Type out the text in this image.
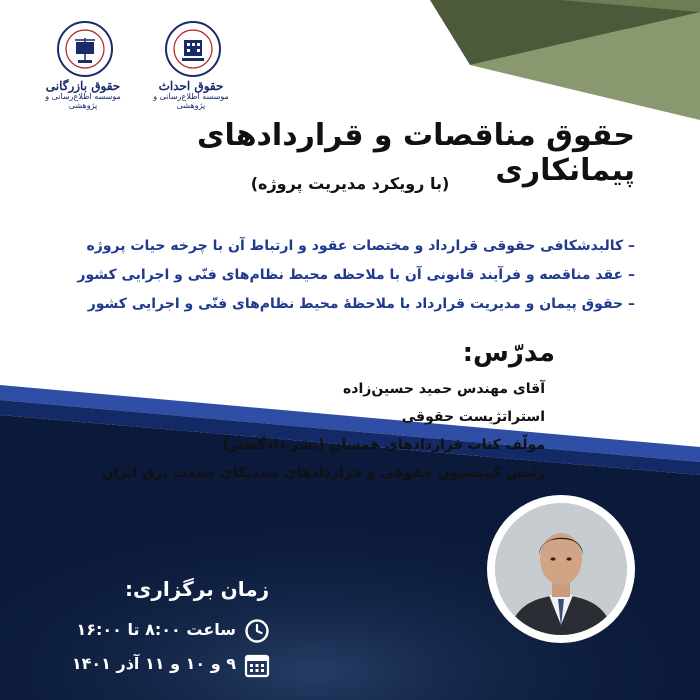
حقوق بازرگانی
موسسه اطلاع‌رسانی و پژوهشی
حقوق احداث
موسسه اطلاع‌رسانی و پژوهشی
حقوق مناقصات و قراردادهای پیمانکاری
(با رویکرد مدیریت پروژه)
– کالبدشکافی حقوقی قرارداد و مختصات عقود و ارتباط آن با چرخه حیات پروژه
– عقد مناقصه و فرآیند قانونی آن با ملاحظه محیط نظام‌های فنّی و اجرایی کشور
– حقوق پیمان و مدیریت قرارداد با ملاحظهٔ محیط نظام‌های فنّی و اجرایی کشور
مدرّس:
آقای مهندس حمید حسین‌زاده
استراتژیست حقوقی
مولّف کتاب قراردادهای همسان (نشر دادگستر)
رئیس کمیسیون حقوقی و قراردادهای سندیکای صنعت برق ایران
زمان برگزاری:
ساعت ۸:۰۰ تا ۱۶:۰۰
۹ و ۱۰ و ۱۱ آذر ۱۴۰۱
